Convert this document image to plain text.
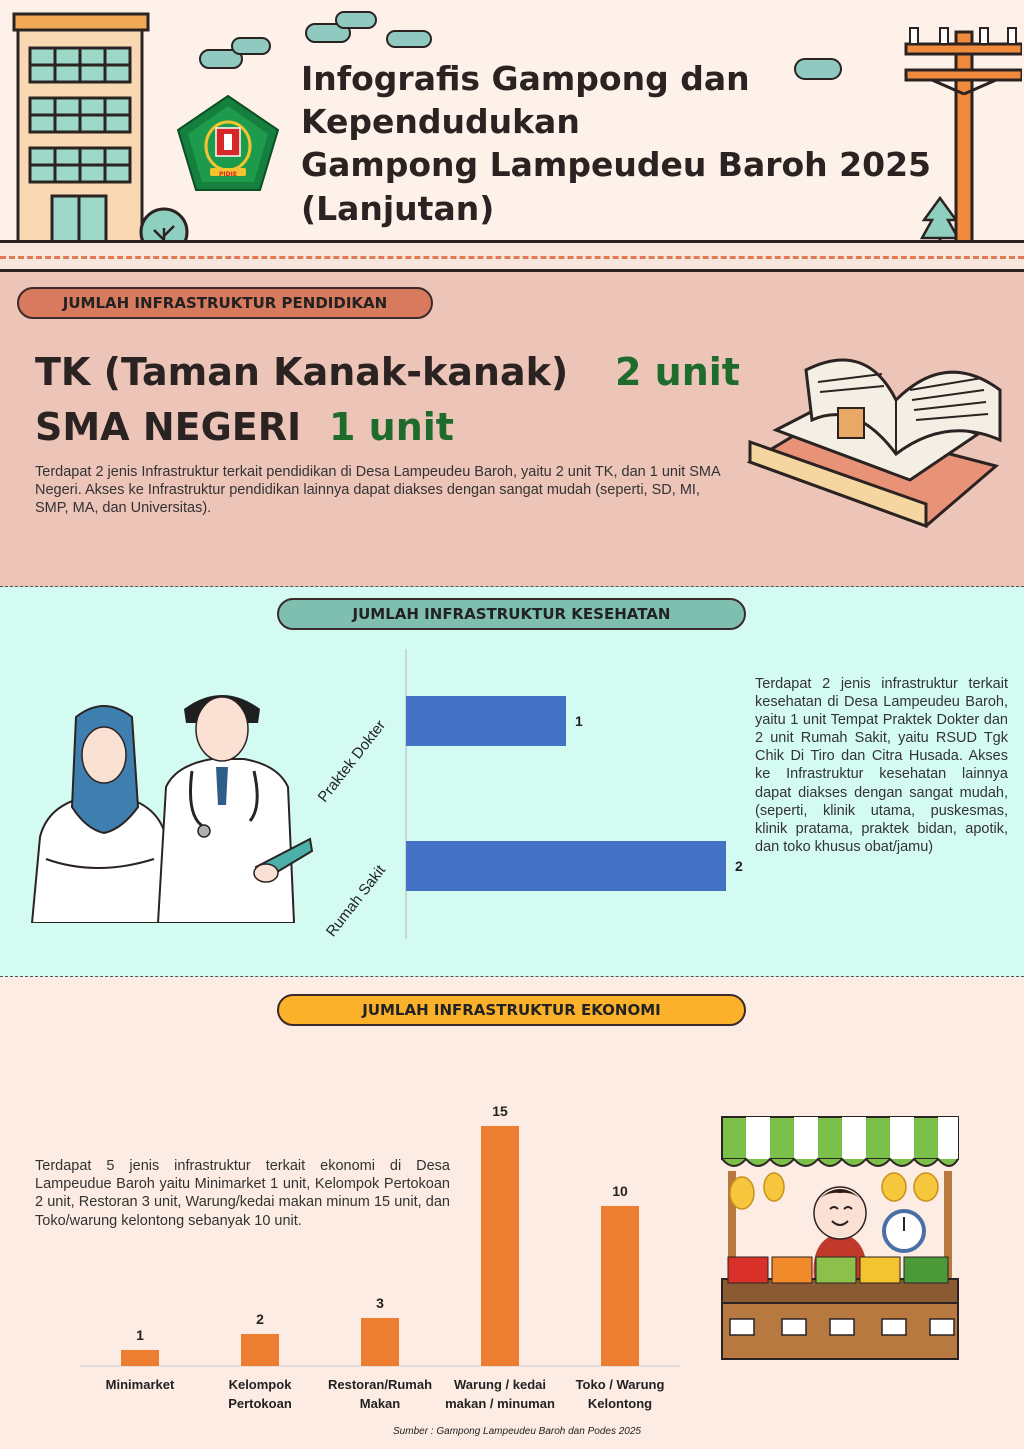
PIDIE
Infografis Gampong dan
Kependudukan
Gampong Lampeudeu Baroh 2025
(Lanjutan)
JUMLAH INFRASTRUKTUR PENDIDIKAN
TK (Taman Kanak-kanak) 2 unit
SMA NEGERI 1 unit
Terdapat 2 jenis Infrastruktur terkait pendidikan di Desa Lampeudeu Baroh, yaitu 2 unit TK, dan 1 unit SMA Negeri. Akses ke Infrastruktur pendidikan lainnya dapat diakses dengan sangat mudah (seperti, SD, MI, SMP, MA, dan Universitas).
JUMLAH INFRASTRUKTUR KESEHATAN
1
Praktek Dokter
2
Rumah Sakit
Terdapat 2 jenis infrastruktur terkait kesehatan di Desa Lampeudeu Baroh, yaitu 1 unit Tempat Praktek Dokter dan 2 unit Rumah Sakit, yaitu RSUD Tgk Chik Di Tiro dan Citra Husada. Akses ke Infrastruktur kesehatan lainnya dapat diakses dengan sangat mudah, (seperti, klinik utama, puskesmas, klinik pratama, praktek bidan, apotik, dan toko khusus obat/jamu)
JUMLAH INFRASTRUKTUR EKONOMI
Terdapat 5 jenis infrastruktur terkait ekonomi di Desa Lampeudue Baroh yaitu Minimarket 1 unit, Kelompok Pertokoan 2 unit, Restoran 3 unit, Warung/kedai makan minum 15 unit, dan Toko/warung kelontong sebanyak 10 unit.
1
2
3
15
10
Minimarket	Kelompok
Pertokoan
Restoran/Rumah
Makan
Warung / kedai
makan / minuman
Toko / Warung
Kelontong
Sumber : Gampong Lampeudeu Baroh dan Podes 2025
